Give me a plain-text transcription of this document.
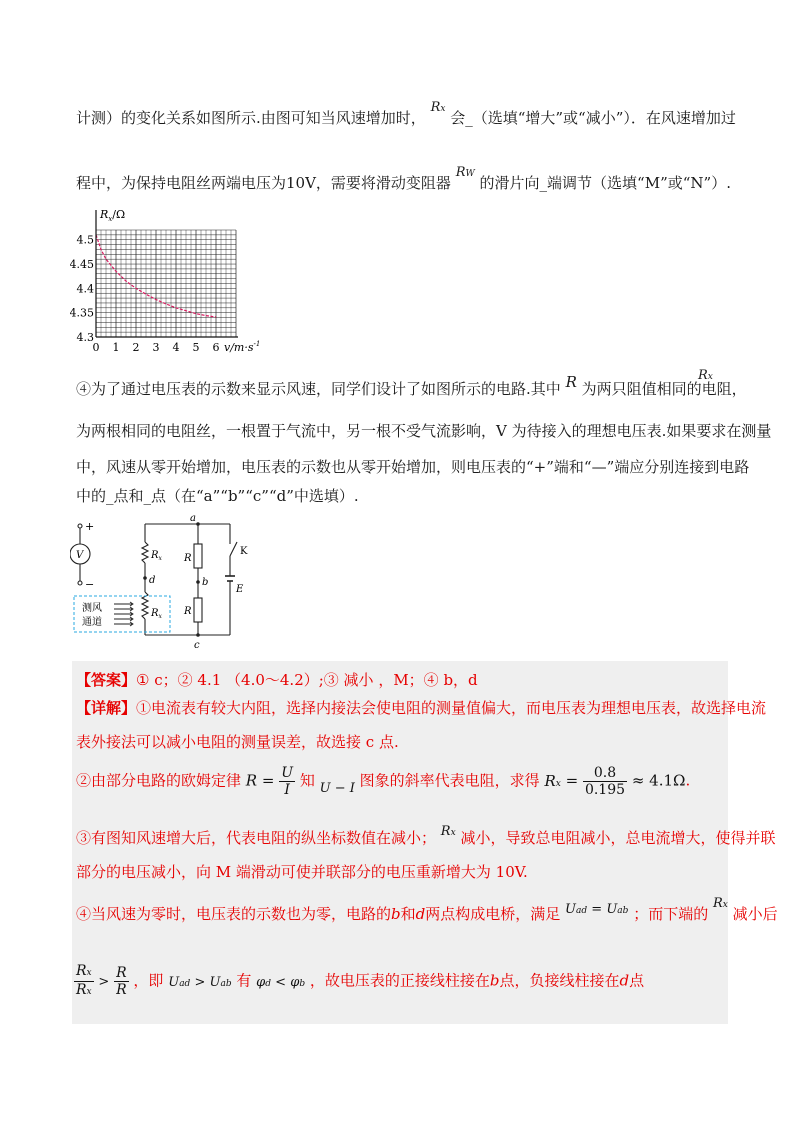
计测）的变化关系如图所示.由图可知当风速增加时， Rx 会_（选填“增大”或“减小”）．在风速增加过
程中，为保持电阻丝两端电压为10V，需要将滑动变阻器 RW 的滑片向_端调节（选填“M”或“N”）.
$R_x/\Omega$
4.5
4.45
4.4
4.35
4.3
0 1 2 3 4 5 6 $v/m\cdot s^{-1}$
④为了通过电压表的示数来显示风速，同学们设计了如图所示的电路.其中 R 为两只阻值相同的电阻，
Rx
为两根相同的电阻丝，一根置于气流中，另一根不受气流影响，V 为待接入的理想电压表.如果要求在测量
中，风速从零开始增加，电压表的示数也从零开始增加，则电压表的“+”端和“—”端应分别连接到电路
中的_点和_点（在“a”“b”“c”“d”中选填）.
+
−
V	$R_x$
$R_x$
a
b
c
d
R
R
K
E
测风
通道
【答案】① c；② 4.1 （4.0～4.2）;③ 减小 ，M；④ b，d
【详解】①电流表有较大内阻，选择内接法会使电阻的测量值偏大，而电压表为理想电压表，故选择电流
表外接法可以减小电阻的测量误差，故选接 c 点.
②由部分电路的欧姆定律 $R = \frac{U}{I}$ 知 U − I 图象的斜率代表电阻，求得 $Rx = \frac{0.8}{0.195} \approx 4.1\Omega$.
③有图知风速增大后，代表电阻的纵坐标数值在减小； Rx 减小，导致总电阻减小，总电流增大，使得并联
部分的电压减小，向 M 端滑动可使并联部分的电压重新增大为 10V.
④当风速为零时，电压表的示数也为零，电路的b和d两点构成电桥，满足 Uad = Uab ；而下端的 Rx 减小后
$\frac{Rx}{Rx} > \frac{R}{R}$ ，即 Uad > Uab 有 φd < φb ，故电压表的正接线柱接在b点，负接线柱接在d点
